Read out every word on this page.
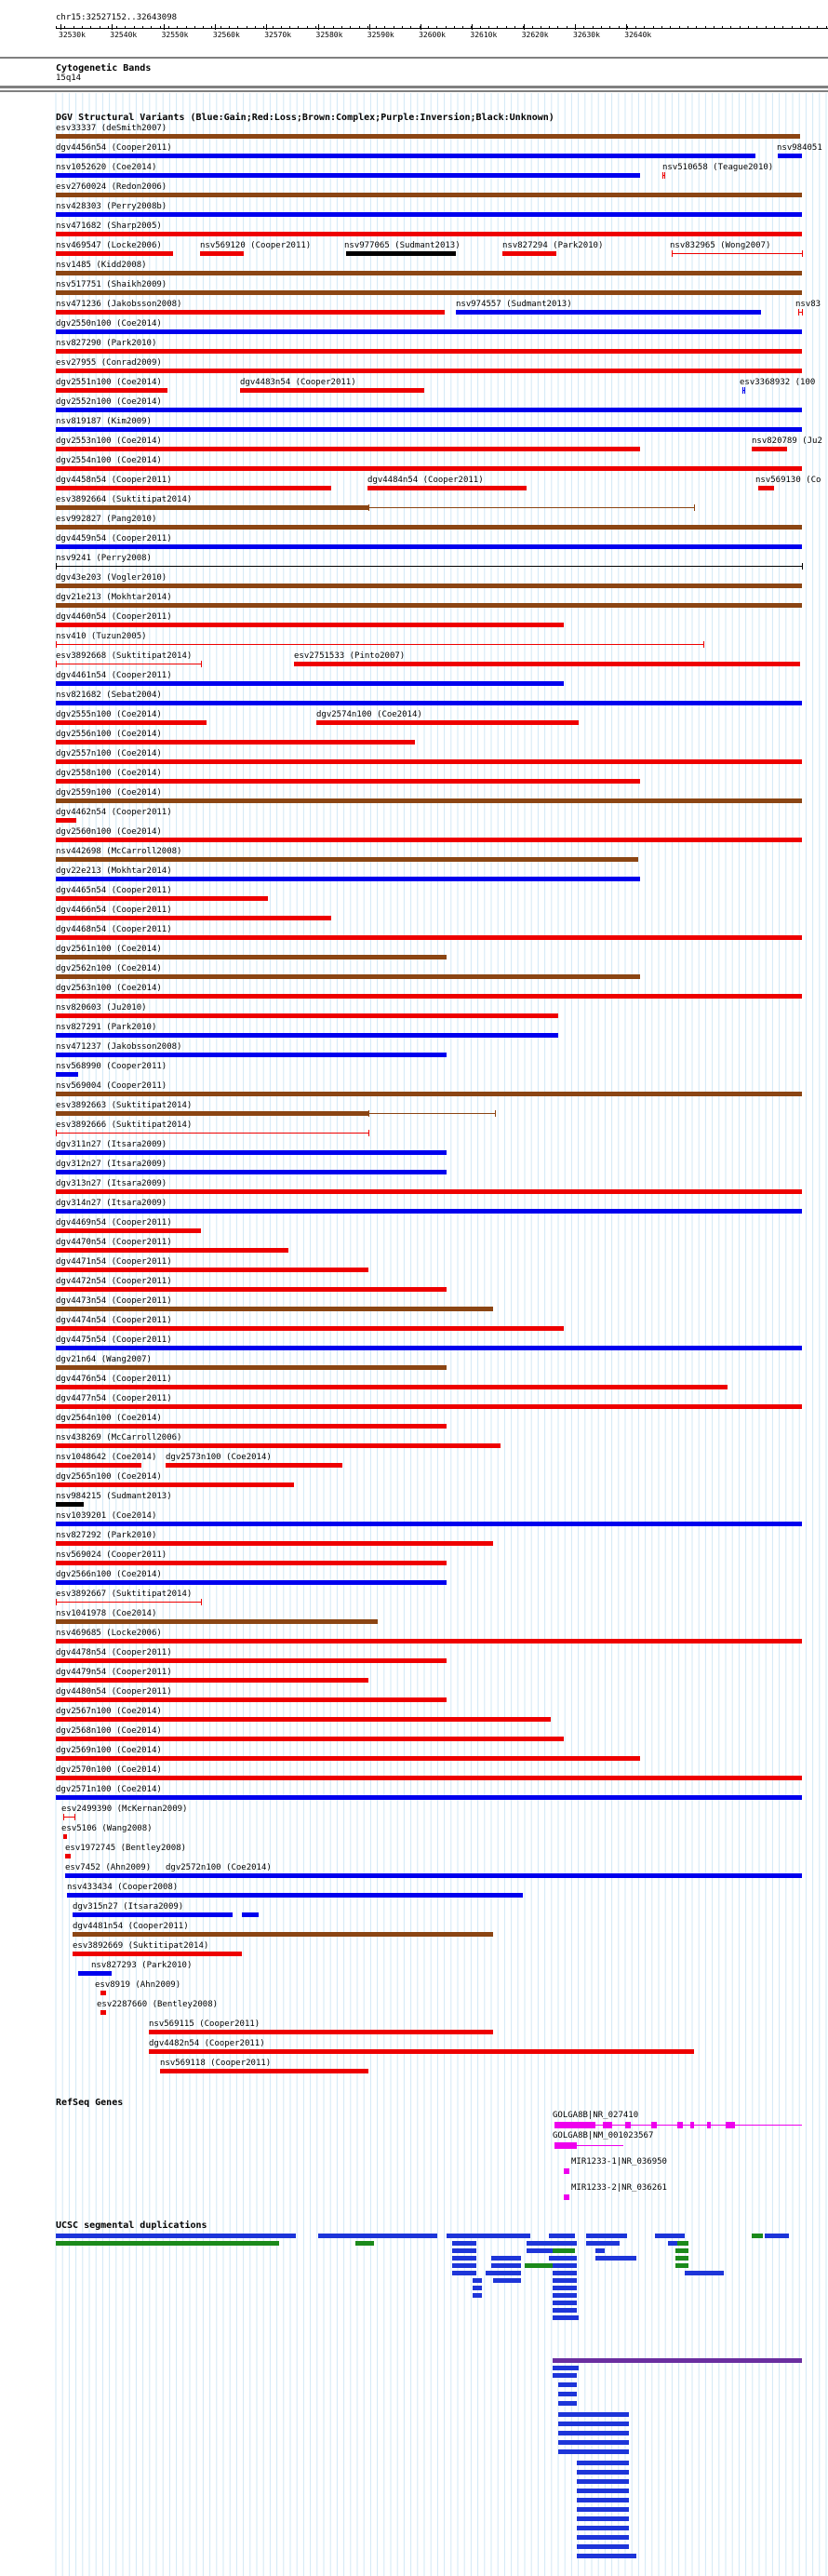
chr15:32527152..32643098
32530k	32540k	32550k	32560k	32570k	32580k	32590k	32600k	32610k	32620k	32630k	32640k
Cytogenetic Bands
15q14
DGV Structural Variants (Blue:Gain;Red:Loss;Brown:Complex;Purple:Inversion;Black:Unknown)
esv33337 (deSmith2007)
dgv4456n54 (Cooper2011)	nsv984051
nsv1052620 (Coe2014)	nsv510658 (Teague2010)
esv2760024 (Redon2006)
nsv428303 (Perry2008b)
nsv471682 (Sharp2005)
nsv469547 (Locke2006)	nsv569120 (Cooper2011)	nsv977065 (Sudmant2013)	nsv827294 (Park2010)	nsv832965 (Wong2007)
nsv1485 (Kidd2008)
nsv517751 (Shaikh2009)
nsv471236 (Jakobsson2008)	nsv974557 (Sudmant2013)	nsv83
dgv2550n100 (Coe2014)
nsv827290 (Park2010)
esv27955 (Conrad2009)
dgv2551n100 (Coe2014)	dgv4483n54 (Cooper2011)	esv3368932 (100
dgv2552n100 (Coe2014)
nsv819187 (Kim2009)
dgv2553n100 (Coe2014)	nsv820789 (Ju2
dgv2554n100 (Coe2014)
dgv4458n54 (Cooper2011)	dgv4484n54 (Cooper2011)	nsv569130 (Co
esv3892664 (Suktitipat2014)
esv992827 (Pang2010)
dgv4459n54 (Cooper2011)
nsv9241 (Perry2008)
dgv43e203 (Vogler2010)
dgv21e213 (Mokhtar2014)
dgv4460n54 (Cooper2011)
nsv410 (Tuzun2005)
esv3892668 (Suktitipat2014)	esv2751533 (Pinto2007)
dgv4461n54 (Cooper2011)
nsv821682 (Sebat2004)
dgv2555n100 (Coe2014)	dgv2574n100 (Coe2014)
dgv2556n100 (Coe2014)
dgv2557n100 (Coe2014)
dgv2558n100 (Coe2014)
dgv2559n100 (Coe2014)
dgv4462n54 (Cooper2011)
dgv2560n100 (Coe2014)
nsv442698 (McCarroll2008)
dgv22e213 (Mokhtar2014)
dgv4465n54 (Cooper2011)
dgv4466n54 (Cooper2011)
dgv4468n54 (Cooper2011)
dgv2561n100 (Coe2014)
dgv2562n100 (Coe2014)
dgv2563n100 (Coe2014)
nsv820603 (Ju2010)
nsv827291 (Park2010)
nsv471237 (Jakobsson2008)
nsv568990 (Cooper2011)
nsv569004 (Cooper2011)
esv3892663 (Suktitipat2014)
esv3892666 (Suktitipat2014)
dgv311n27 (Itsara2009)
dgv312n27 (Itsara2009)
dgv313n27 (Itsara2009)
dgv314n27 (Itsara2009)
dgv4469n54 (Cooper2011)
dgv4470n54 (Cooper2011)
dgv4471n54 (Cooper2011)
dgv4472n54 (Cooper2011)
dgv4473n54 (Cooper2011)
dgv4474n54 (Cooper2011)
dgv4475n54 (Cooper2011)
dgv21n64 (Wang2007)
dgv4476n54 (Cooper2011)
dgv4477n54 (Cooper2011)
dgv2564n100 (Coe2014)
nsv438269 (McCarroll2006)
nsv1048642 (Coe2014) dgv2573n100 (Coe2014)
dgv2565n100 (Coe2014)
nsv984215 (Sudmant2013)
nsv1039201 (Coe2014)
nsv827292 (Park2010)
nsv569024 (Cooper2011)
dgv2566n100 (Coe2014)
esv3892667 (Suktitipat2014)
nsv1041978 (Coe2014)
nsv469685 (Locke2006)
dgv4478n54 (Cooper2011)
dgv4479n54 (Cooper2011)
dgv4480n54 (Cooper2011)
dgv2567n100 (Coe2014)
dgv2568n100 (Coe2014)
dgv2569n100 (Coe2014)
dgv2570n100 (Coe2014)
dgv2571n100 (Coe2014)
esv2499390 (McKernan2009)
esv5106 (Wang2008)
esv1972745 (Bentley2008)
esv7452 (Ahn2009) dgv2572n100 (Coe2014)
nsv433434 (Cooper2008)
dgv315n27 (Itsara2009)
dgv4481n54 (Cooper2011)
esv3892669 (Suktitipat2014)
nsv827293 (Park2010)
esv8919 (Ahn2009)
esv2287660 (Bentley2008)
nsv569115 (Cooper2011)
dgv4482n54 (Cooper2011)
nsv569118 (Cooper2011)
RefSeq Genes
GOLGA8B|NR_027410
GOLGA8B|NM_001023567
MIR1233-1|NR_036950
MIR1233-2|NR_036261
UCSC segmental duplications
